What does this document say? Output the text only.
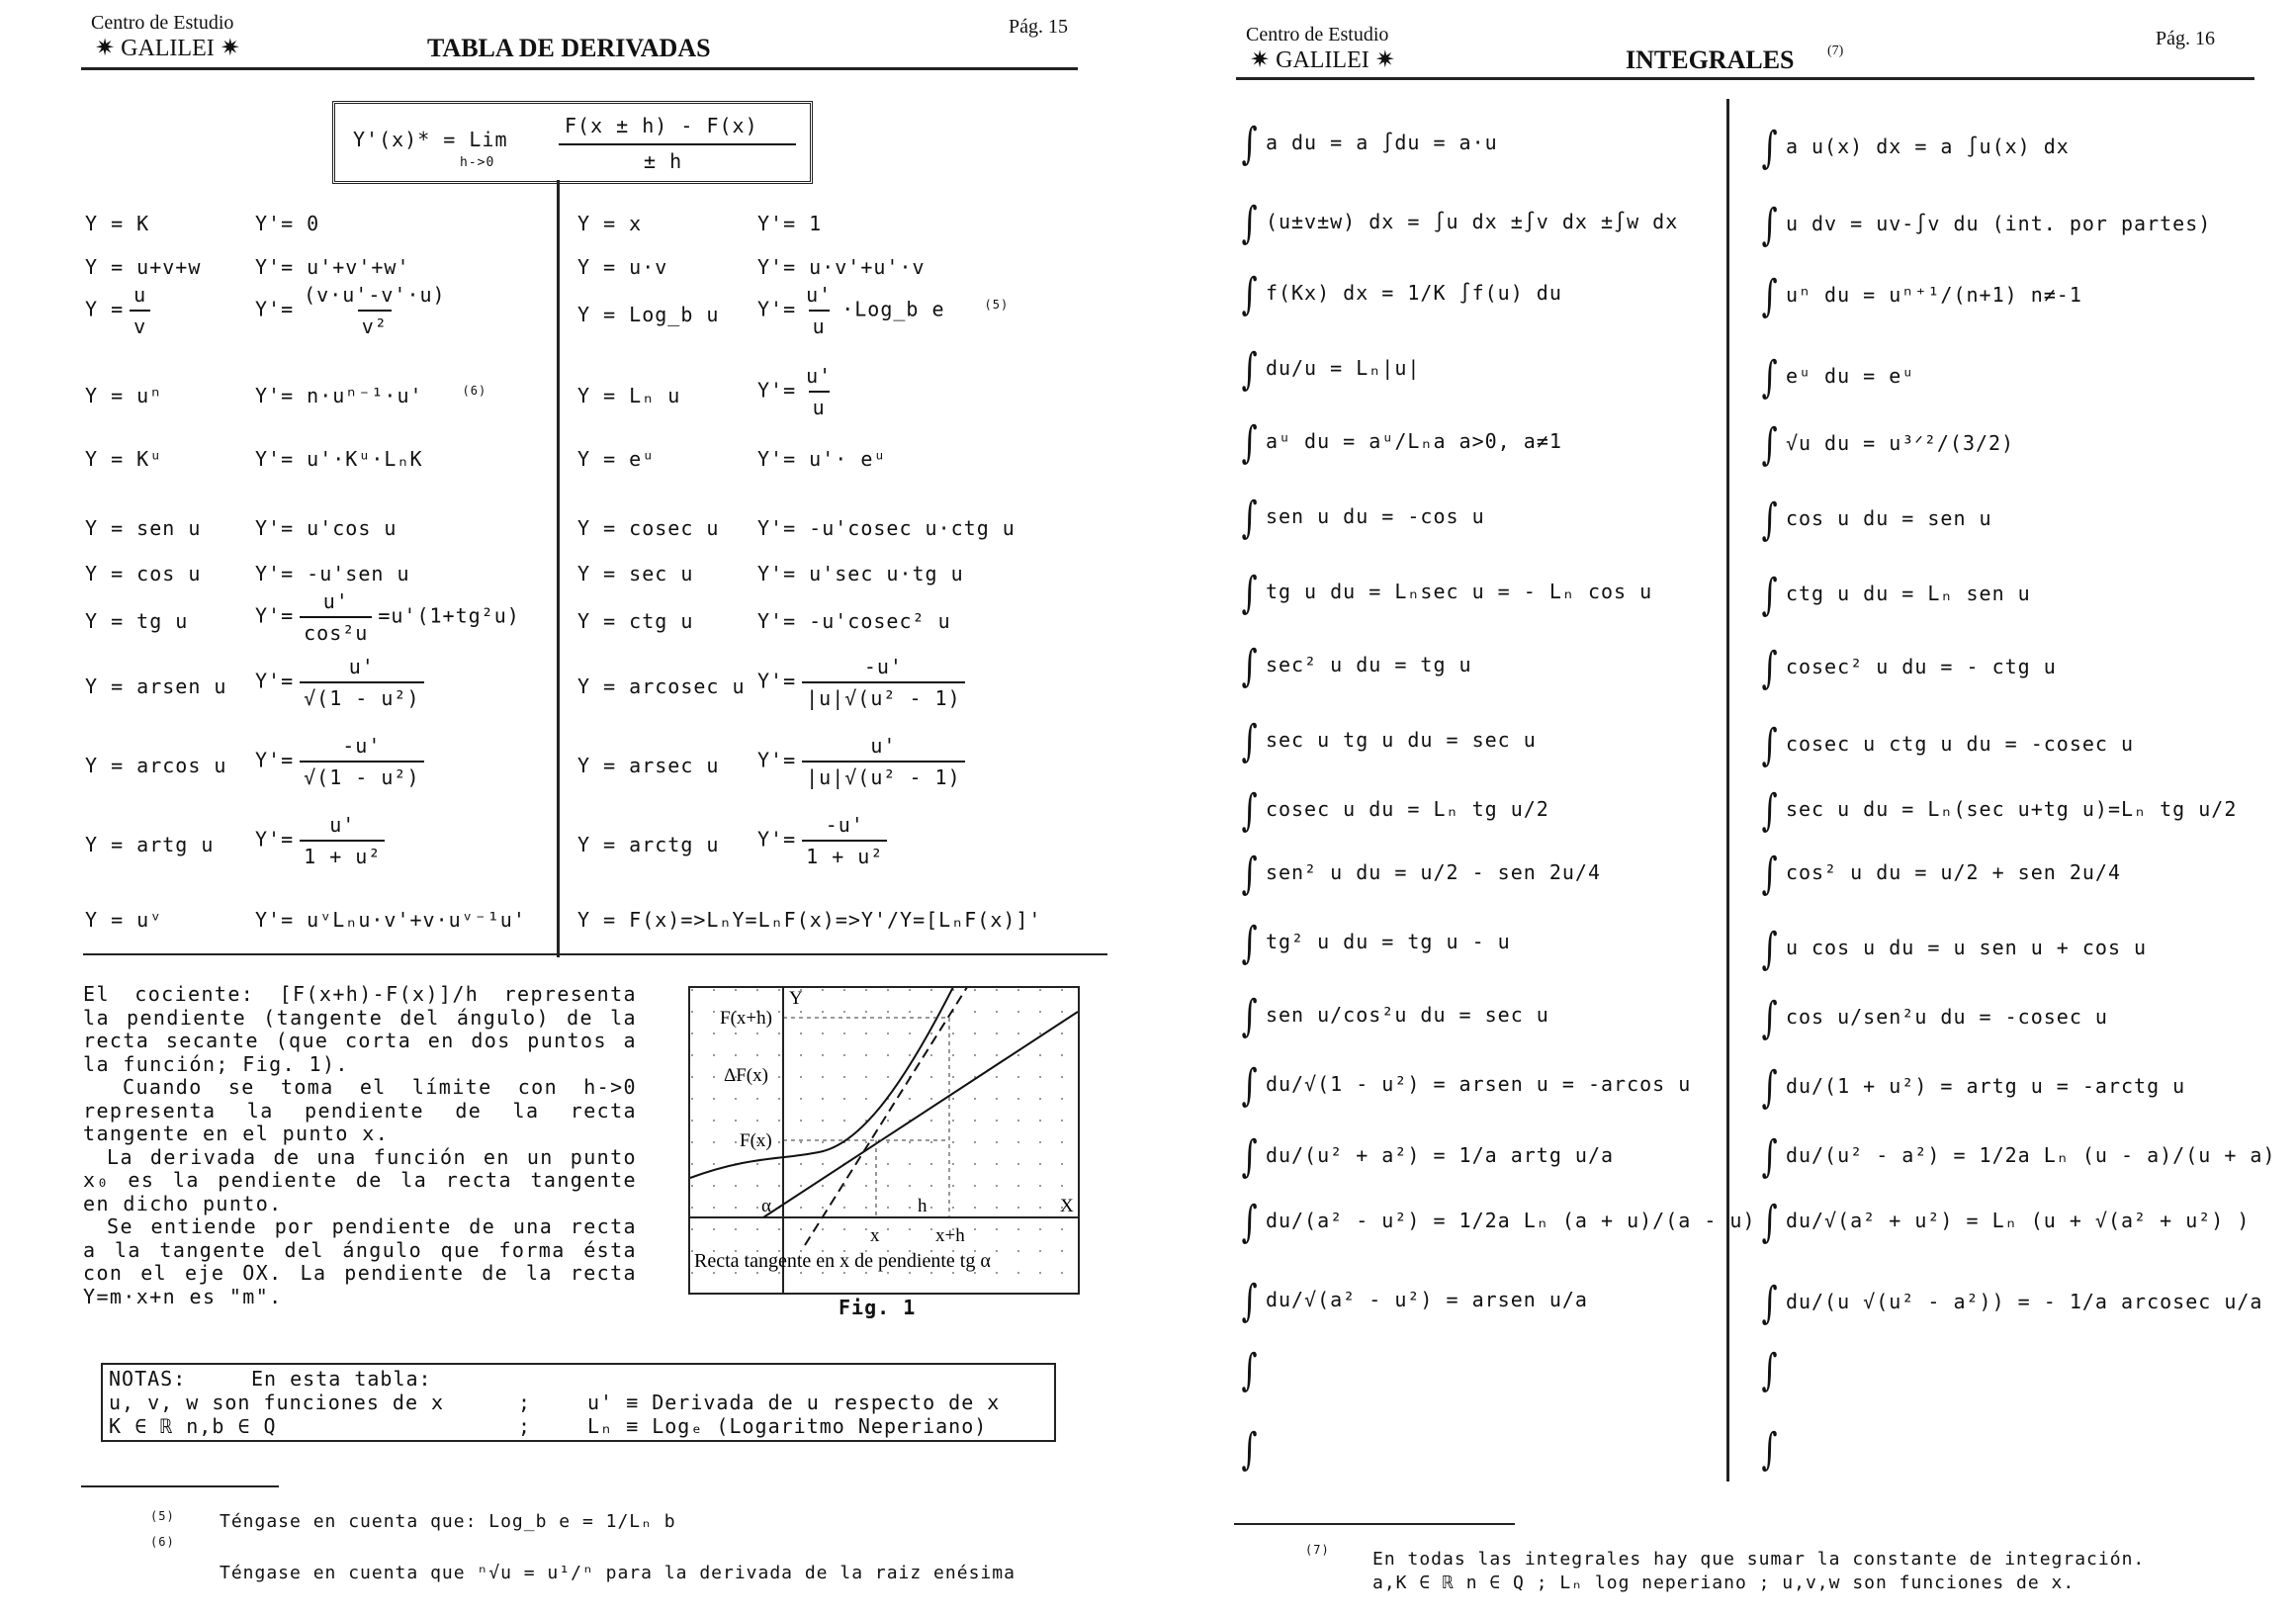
Centro de Estudio
✷ GALILEI ✷	TABLA DE DERIVADAS
Pág. 15
Y'(x)* = Lim
h->0
F(x ± h) - F(x)
± h
Y = K	Y'= 0
Y = u+v+w	Y'= u'+v'+w'
$Y = \frac{u}{v}$	$Y'= \frac{(v\cdot u'-v'\cdot u)}{\text{v²}}$
Y = uⁿ	Y'= n·uⁿ⁻¹·u'	$^{(6)}$
Y = Kᵘ	Y'= u'·Kᵘ·LₙK
Y = sen u	Y'= u'cos u
Y = cos u	Y'= -u'sen u
Y = tg u	$Y'= \frac{u'}{\text{cos²u}} =u'(1+tg^2u)$
Y = arsen u $Y'= \frac{u'}{\text{√(1 - u²)}}$
Y = arcos u $Y'= \frac{-u'}{\text{√(1 - u²)}}$
Y = artg u $Y'= \frac{u'}{\text{1 + u²}}$
Y = uᵛ	Y'= uᵛLₙu·v'+v·uᵛ⁻¹u'
Y = x	Y'= 1
Y = u·v	Y'= u·v'+u'·v
Y = Log_b u $Y'= \frac{u'}{u}$ ·Log_b e	$^{(5)}$
Y = Lₙ u	$Y'= \frac{u'}{u}$
Y = eᵘ	Y'= u'· eᵘ
Y = cosec u Y'= -u'cosec u·ctg u
Y = sec u	Y'= u'sec u·tg u
Y = ctg u	Y'= -u'cosec² u
Y = arcosec u $Y'= \frac{-u'}{\text{|u|√(u² - 1)}}$
Y = arsec u $Y'= \frac{u'}{\text{|u|√(u² - 1)}}$
Y = arctg u $Y'= \frac{-u'}{\text{1 + u²}}$
Y = F(x)=>LₙY=LₙF(x)=>Y'/Y=[LₙF(x)]'

El cociente: [F(x+h)-F(x)]/h representa la pendiente (tangente del ángulo) de la recta secante (que corta en dos puntos a la función; Fig. 1).

Cuando se toma el límite con h->0 representa la pendiente de la recta tangente en el punto x.

La derivada de una función en un punto x₀ es la pendiente de la recta tangente en dicho punto.

Se entiende por pendiente de una recta a la tangente del ángulo que forma ésta con el eje OX. La pendiente de la recta Y=m·x+n es "m".

Y
X
F(x+h)
ΔF(x)
F(x)
h
x	x+h
α
Recta tangente en x de pendiente tg α
Fig. 1
NOTAS:	En esta tabla:
u, v, w son funciones de x	;	u' ≡ Derivada de u respecto de x
K ∈ ℝ n,b ∈ Q	;	Lₙ ≡ Logₑ (Logaritmo Neperiano)
(5)	Téngase en cuenta que: Log_b e = 1/Lₙ b
(6)
Téngase en cuenta que ⁿ√u = u¹/ⁿ para la derivada de la raiz enésima
Centro de Estudio
✷ GALILEI ✷	INTEGRALES (7)
Pág. 16
∫ a du = a ∫du = a·u
∫ (u±v±w) dx = ∫u dx ±∫v dx ±∫w dx
∫ f(Kx) dx = 1/K ∫f(u) du
∫ du/u = Lₙ|u|
∫ aᵘ du = aᵘ/Lₙa a>0, a≠1
∫ sen u du = -cos u
∫ tg u du = Lₙsec u = - Lₙ cos u
∫ sec² u du = tg u
∫ sec u tg u du = sec u
∫ cosec u du = Lₙ tg u/2
∫ sen² u du = u/2 - sen 2u/4
∫ tg² u du = tg u - u
∫ sen u/cos²u du = sec u
∫ du/√(1 - u²) = arsen u = -arcos u
∫ du/(u² + a²) = 1/a artg u/a
∫ du/(a² - u²) = 1/2a Lₙ (a + u)/(a - u)
∫ du/√(a² - u²) = arsen u/a
∫ a u(x) dx = a ∫u(x) dx
∫ u dv = uv-∫v du (int. por partes)
∫ uⁿ du = uⁿ⁺¹/(n+1) n≠-1
∫ eᵘ du = eᵘ
∫ √u du = u³ᐟ²/(3/2)
∫ cos u du = sen u
∫ ctg u du = Lₙ sen u
∫ cosec² u du = - ctg u
∫ cosec u ctg u du = -cosec u
∫ sec u du = Lₙ(sec u+tg u)=Lₙ tg u/2
∫ cos² u du = u/2 + sen 2u/4
∫ u cos u du = u sen u + cos u
∫ cos u/sen²u du = -cosec u
∫ du/(1 + u²) = artg u = -arctg u
∫ du/(u² - a²) = 1/2a Lₙ (u - a)/(u + a)
∫ du/√(a² + u²) = Lₙ (u + √(a² + u²) )
∫ du/(u √(u² - a²)) = - 1/a arcosec u/a
∫
∫
∫
∫
(7) En todas las integrales hay que sumar la constante de integración.
a,K ∈ ℝ n ∈ Q ; Lₙ log neperiano ; u,v,w son funciones de x.
